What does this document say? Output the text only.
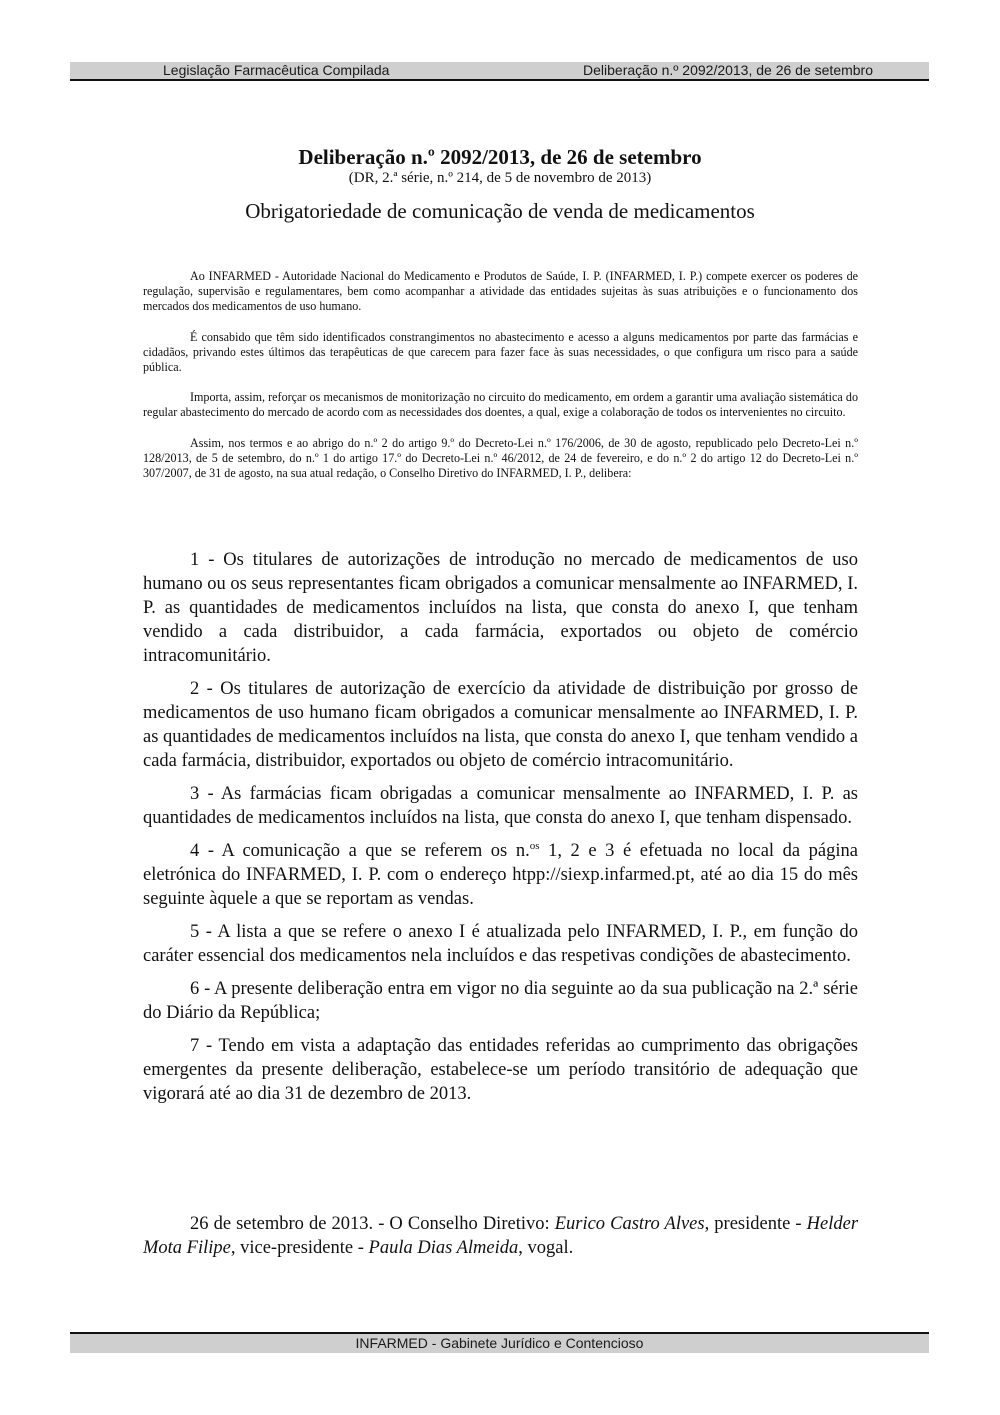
Legislação Farmacêutica Compilada	Deliberação n.º 2092/2013, de 26 de setembro
Deliberação n.º 2092/2013, de 26 de setembro
(DR, 2.ª série, n.º 214, de 5 de novembro de 2013)
Obrigatoriedade de comunicação de venda de medicamentos

Ao INFARMED - Autoridade Nacional do Medicamento e Produtos de Saúde, I. P. (INFARMED, I. P.) compete exercer os poderes de regulação, supervisão e regulamentares, bem como acompanhar a atividade das entidades sujeitas às suas atribuições e o funcionamento dos mercados dos medicamentos de uso humano.

É consabido que têm sido identificados constrangimentos no abastecimento e acesso a alguns medicamentos por parte das farmácias e cidadãos, privando estes últimos das terapêuticas de que carecem para fazer face às suas necessidades, o que configura um risco para a saúde pública.

Importa, assim, reforçar os mecanismos de monitorização no circuito do medicamento, em ordem a garantir uma avaliação sistemática do regular abastecimento do mercado de acordo com as necessidades dos doentes, a qual, exige a colaboração de todos os intervenientes no circuito.

Assim, nos termos e ao abrigo do n.º 2 do artigo 9.º do Decreto-Lei n.º 176/2006, de 30 de agosto, republicado pelo Decreto-Lei n.º 128/2013, de 5 de setembro, do n.º 1 do artigo 17.º do Decreto-Lei n.º 46/2012, de 24 de fevereiro, e do n.º 2 do artigo 12 do Decreto-Lei n.º 307/2007, de 31 de agosto, na sua atual redação, o Conselho Diretivo do INFARMED, I. P., delibera:

1 - Os titulares de autorizações de introdução no mercado de medicamentos de uso humano ou os seus representantes ficam obrigados a comunicar mensalmente ao INFARMED, I. P. as quantidades de medicamentos incluídos na lista, que consta do anexo I, que tenham vendido a cada distribuidor, a cada farmácia, exportados ou objeto de comércio intracomunitário.

2 - Os titulares de autorização de exercício da atividade de distribuição por grosso de medicamentos de uso humano ficam obrigados a comunicar mensalmente ao INFARMED, I. P. as quantidades de medicamentos incluídos na lista, que consta do anexo I, que tenham vendido a cada farmácia, distribuidor, exportados ou objeto de comércio intracomunitário.

3 - As farmácias ficam obrigadas a comunicar mensalmente ao INFARMED, I. P. as quantidades de medicamentos incluídos na lista, que consta do anexo I, que tenham dispensado.

4 - A comunicação a que se referem os n.$^{os}$ 1, 2 e 3 é efetuada no local da página eletrónica do INFARMED, I. P. com o endereço htpp://siexp.infarmed.pt, até ao dia 15 do mês seguinte àquele a que se reportam as vendas.

5 - A lista a que se refere o anexo I é atualizada pelo INFARMED, I. P., em função do caráter essencial dos medicamentos nela incluídos e das respetivas condições de abastecimento.

6 - A presente deliberação entra em vigor no dia seguinte ao da sua publicação na 2.ª série do Diário da República;

7 - Tendo em vista a adaptação das entidades referidas ao cumprimento das obrigações emergentes da presente deliberação, estabelece-se um período transitório de adequação que vigorará até ao dia 31 de dezembro de 2013.

26 de setembro de 2013. - O Conselho Diretivo: Eurico Castro Alves, presidente - Helder Mota Filipe, vice-presidente - Paula Dias Almeida, vogal.

INFARMED - Gabinete Jurídico e Contencioso
